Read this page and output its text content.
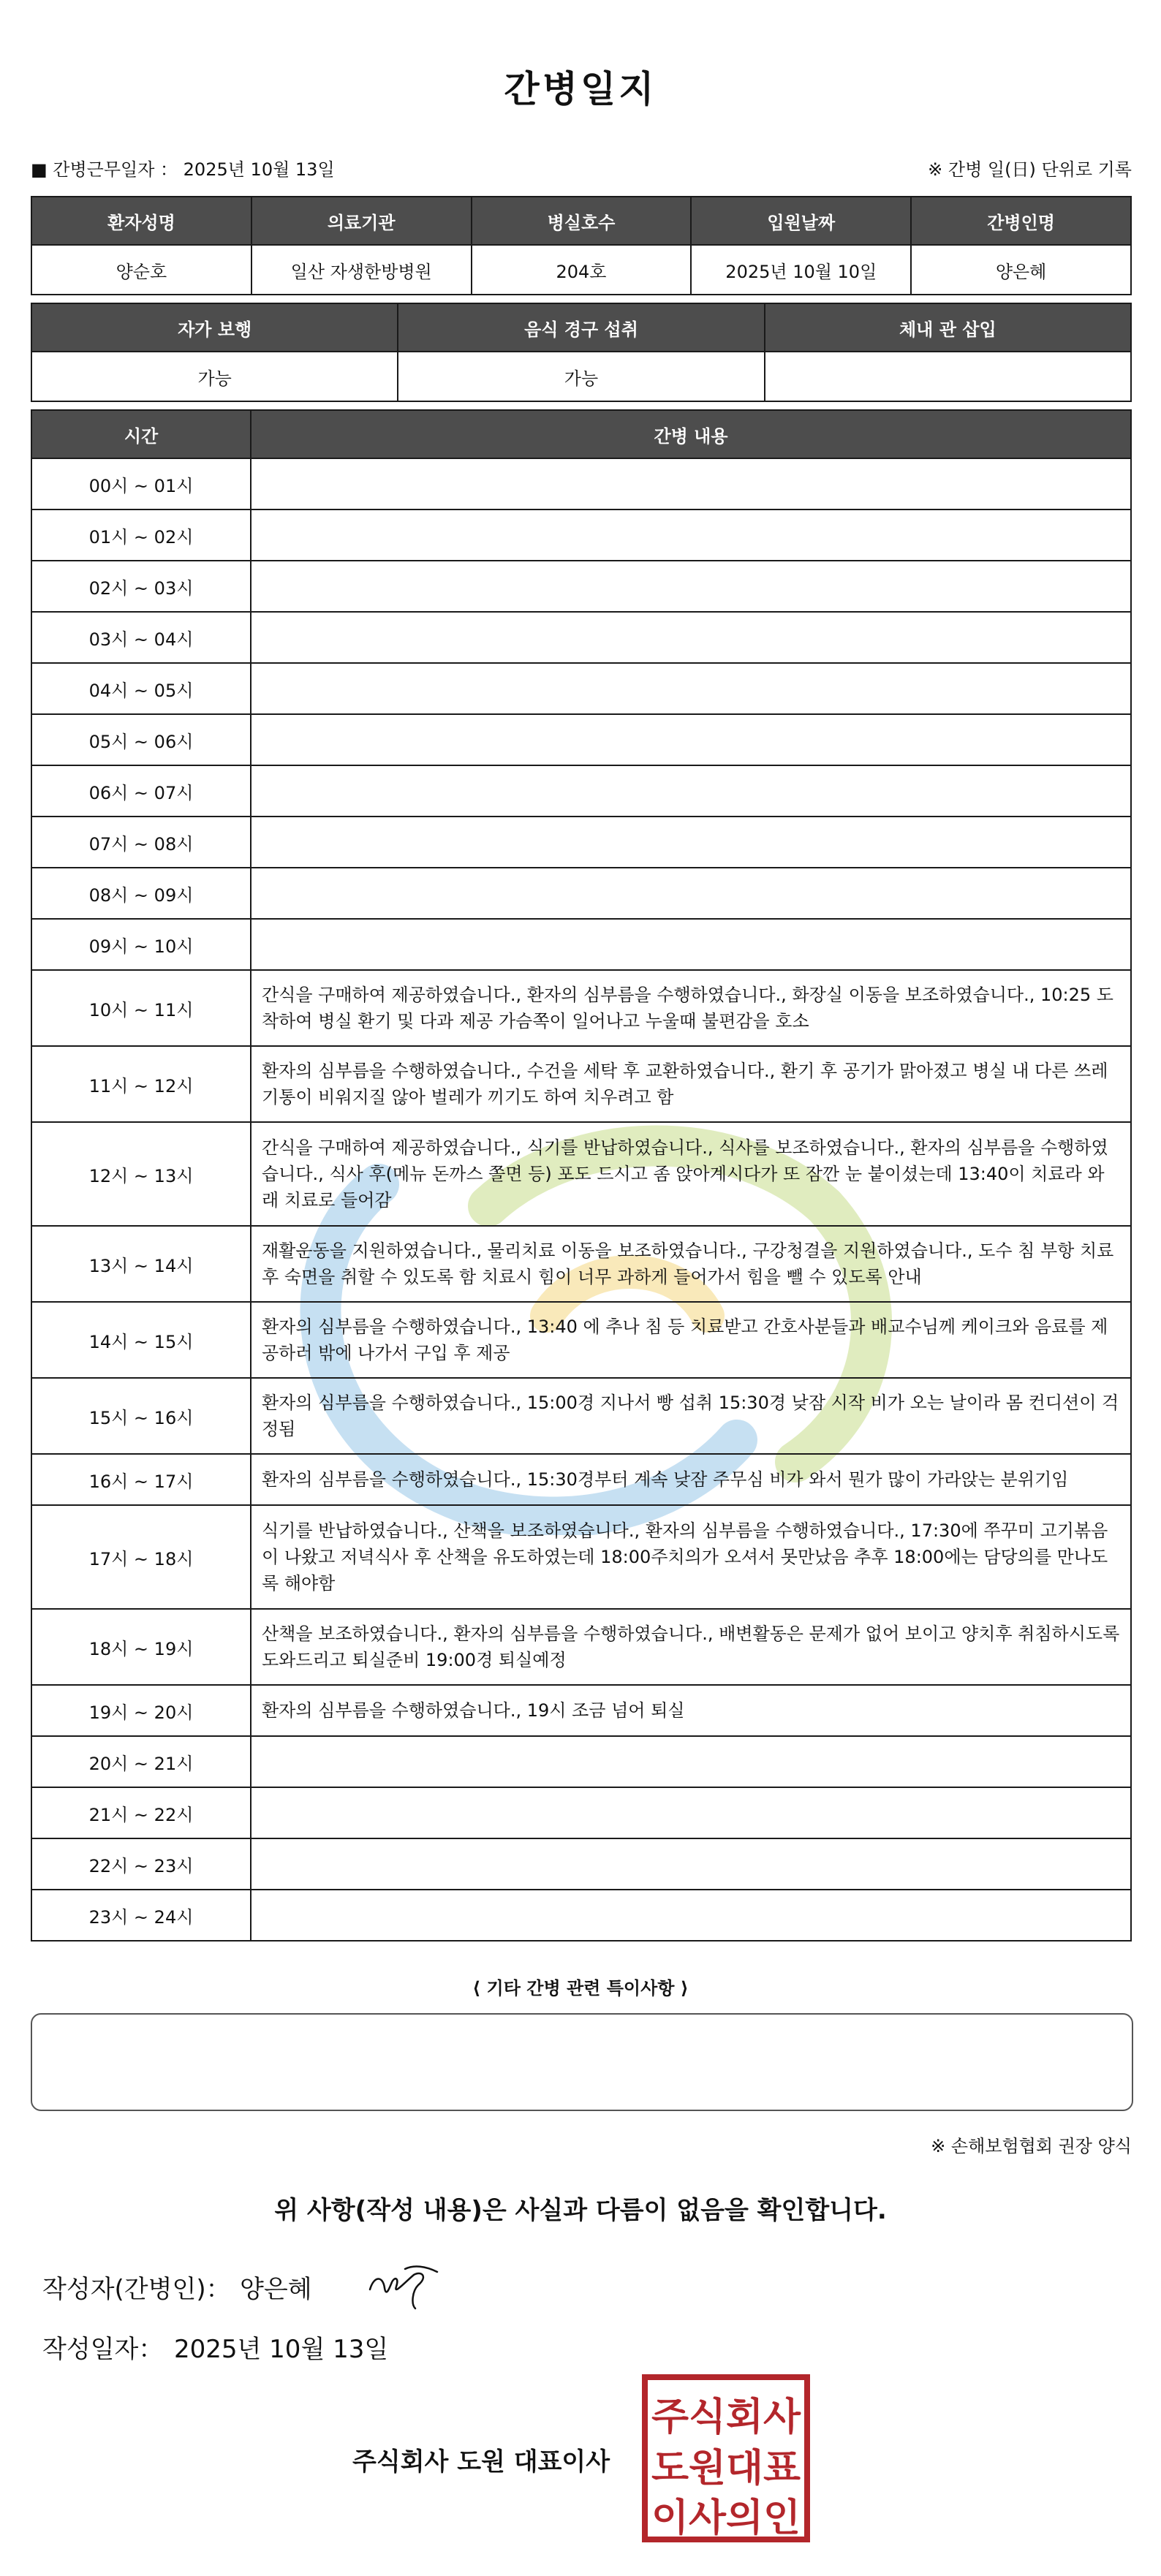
간병일지
■ 간병근무일자 ： 2025년 10월 13일	※ 간병 일(日) 단위로 기록
환자성명	의료기관	병실호수	입원날짜	간병인명
양순호	일산 자생한방병원	204호	2025년 10월 10일	양은혜
자가 보행	음식 경구 섭취	체내 관 삽입
가능	가능	
시간	간병 내용
00시 ~ 01시	
01시 ~ 02시	
02시 ~ 03시	
03시 ~ 04시	
04시 ~ 05시	
05시 ~ 06시	
06시 ~ 07시	
07시 ~ 08시	
08시 ~ 09시	
09시 ~ 10시	
10시 ~ 11시	간식을 구매하여 제공하였습니다., 환자의 심부름을 수행하였습니다., 화장실 이동을 보조하였습니다., 10:25 도착하여 병실 환기 및 다과 제공 가슴쪽이 일어나고 누울때 불편감을 호소
11시 ~ 12시	환자의 심부름을 수행하였습니다., 수건을 세탁 후 교환하였습니다., 환기 후 공기가 맑아졌고 병실 내 다른 쓰레기통이 비워지질 않아 벌레가 끼기도 하여 치우려고 함
12시 ~ 13시	간식을 구매하여 제공하였습니다., 식기를 반납하였습니다., 식사를 보조하였습니다., 환자의 심부름을 수행하였습니다., 식사 후(메뉴 돈까스 쫄면 등) 포도 드시고 좀 앉아계시다가 또 잠깐 눈 붙이셨는데 13:40이 치료라 와래 치료로 들어감
13시 ~ 14시	재활운동을 지원하였습니다., 물리치료 이동을 보조하였습니다., 구강청결을 지원하였습니다., 도수 침 부항 치료 후 숙면을 취할 수 있도록 함 치료시 힘이 너무 과하게 들어가서 힘을 뺄 수 있도록 안내
14시 ~ 15시	환자의 심부름을 수행하였습니다., 13:40 에 추나 침 등 치료받고 간호사분들과 배교수님께 케이크와 음료를 제공하러 밖에 나가서 구입 후 제공
15시 ~ 16시	환자의 심부름을 수행하였습니다., 15:00경 지나서 빵 섭취 15:30경 낮잠 시작 비가 오는 날이라 몸 컨디션이 걱정됨
16시 ~ 17시	환자의 심부름을 수행하였습니다., 15:30경부터 계속 낮잠 주무심 비가 와서 뭔가 많이 가라앉는 분위기임
17시 ~ 18시	식기를 반납하였습니다., 산책을 보조하였습니다., 환자의 심부름을 수행하였습니다., 17:30에 쭈꾸미 고기볶음이 나왔고 저녁식사 후 산책을 유도하였는데 18:00주치의가 오셔서 못만났음 추후 18:00에는 담당의를 만나도록 해야함
18시 ~ 19시	산책을 보조하였습니다., 환자의 심부름을 수행하였습니다., 배변활동은 문제가 없어 보이고 양치후 취침하시도록 도와드리고 퇴실준비 19:00경 퇴실예정
19시 ~ 20시	환자의 심부름을 수행하였습니다., 19시 조금 넘어 퇴실
20시 ~ 21시	
21시 ~ 22시	
22시 ~ 23시	
23시 ~ 24시	
⟨ 기타 간병 관련 특이사항 ⟩
※ 손해보험협회 권장 양식
위 사항(작성 내용)은 사실과 다름이 없음을 확인합니다.
작성자(간병인)： 양은혜
작성일자： 2025년 10월 13일
주식회사 도원 대표이사
주식회사
도원대표
이사의인
